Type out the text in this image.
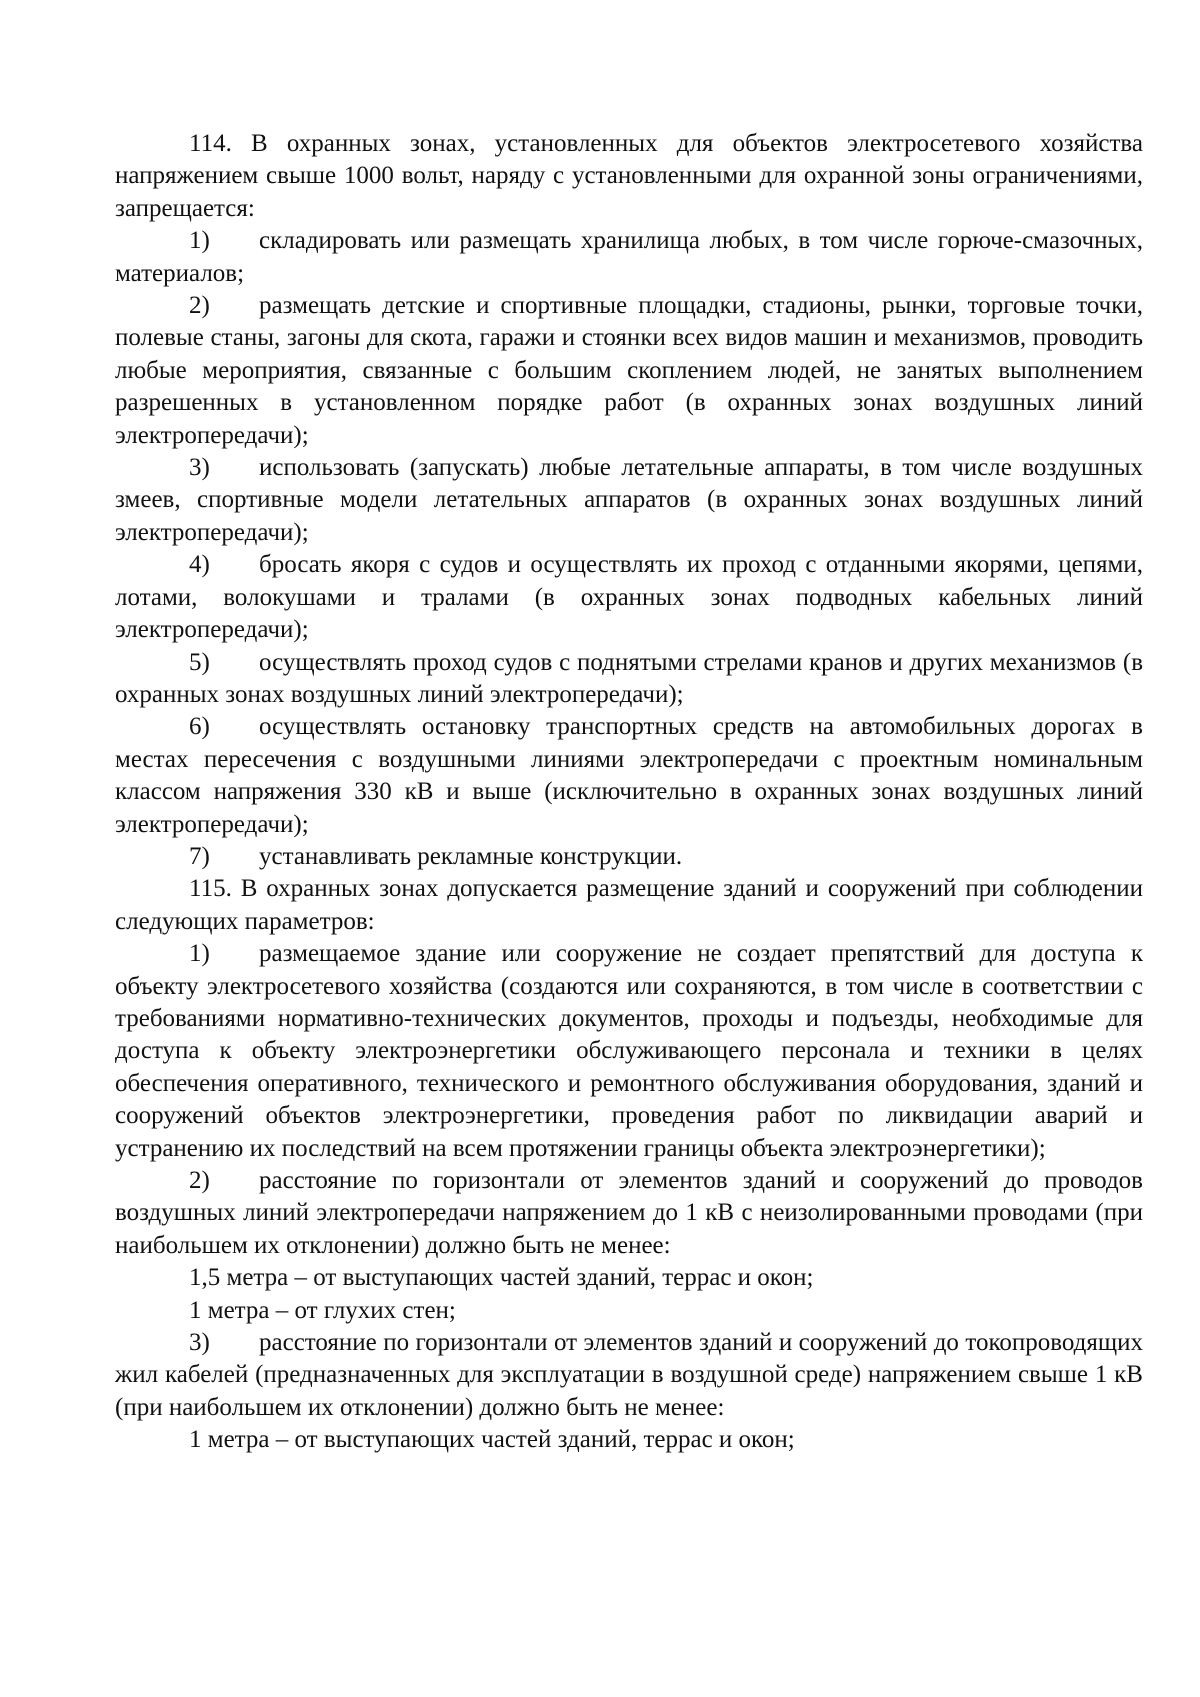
114. В охранных зонах, установленных для объектов электросетевого хозяйства напряжением свыше 1000 вольт, наряду с установленными для охранной зоны ограничениями, запрещается:

1) складировать или размещать хранилища любых, в том числе горюче-смазочных, материалов;

2) размещать детские и спортивные площадки, стадионы, рынки, торговые точки, полевые станы, загоны для скота, гаражи и стоянки всех видов машин и механизмов, проводить любые мероприятия, связанные с большим скоплением людей, не занятых выполнением разрешенных в установленном порядке работ (в охранных зонах воздушных линий электропередачи);

3) использовать (запускать) любые летательные аппараты, в том числе воздушных змеев, спортивные модели летательных аппаратов (в охранных зонах воздушных линий электропередачи);

4) бросать якоря с судов и осуществлять их проход с отданными якорями, цепями, лотами, волокушами и тралами (в охранных зонах подводных кабельных линий электропередачи);

5) осуществлять проход судов с поднятыми стрелами кранов и других механизмов (в охранных зонах воздушных линий электропередачи);

6) осуществлять остановку транспортных средств на автомобильных дорогах в местах пересечения с воздушными линиями электропередачи с проектным номинальным классом напряжения 330 кВ и выше (исключительно в охранных зонах воздушных линий электропередачи);

7) устанавливать рекламные конструкции.

115. В охранных зонах допускается размещение зданий и сооружений при соблюдении следующих параметров:

1) размещаемое здание или сооружение не создает препятствий для доступа к объекту электросетевого хозяйства (создаются или сохраняются, в том числе в соответствии с требованиями нормативно-технических документов, проходы и подъезды, необходимые для доступа к объекту электроэнергетики обслуживающего персонала и техники в целях обеспечения оперативного, технического и ремонтного обслуживания оборудования, зданий и сооружений объектов электроэнергетики, проведения работ по ликвидации аварий и устранению их последствий на всем протяжении границы объекта электроэнергетики);

2) расстояние по горизонтали от элементов зданий и сооружений до проводов воздушных линий электропередачи напряжением до 1 кВ с неизолированными проводами (при наибольшем их отклонении) должно быть не менее:

1,5 метра – от выступающих частей зданий, террас и окон;

1 метра – от глухих стен;

3) расстояние по горизонтали от элементов зданий и сооружений до токопроводящих жил кабелей (предназначенных для эксплуатации в воздушной среде) напряжением свыше 1 кВ (при наибольшем их отклонении) должно быть не менее:

1 метра – от выступающих частей зданий, террас и окон;
